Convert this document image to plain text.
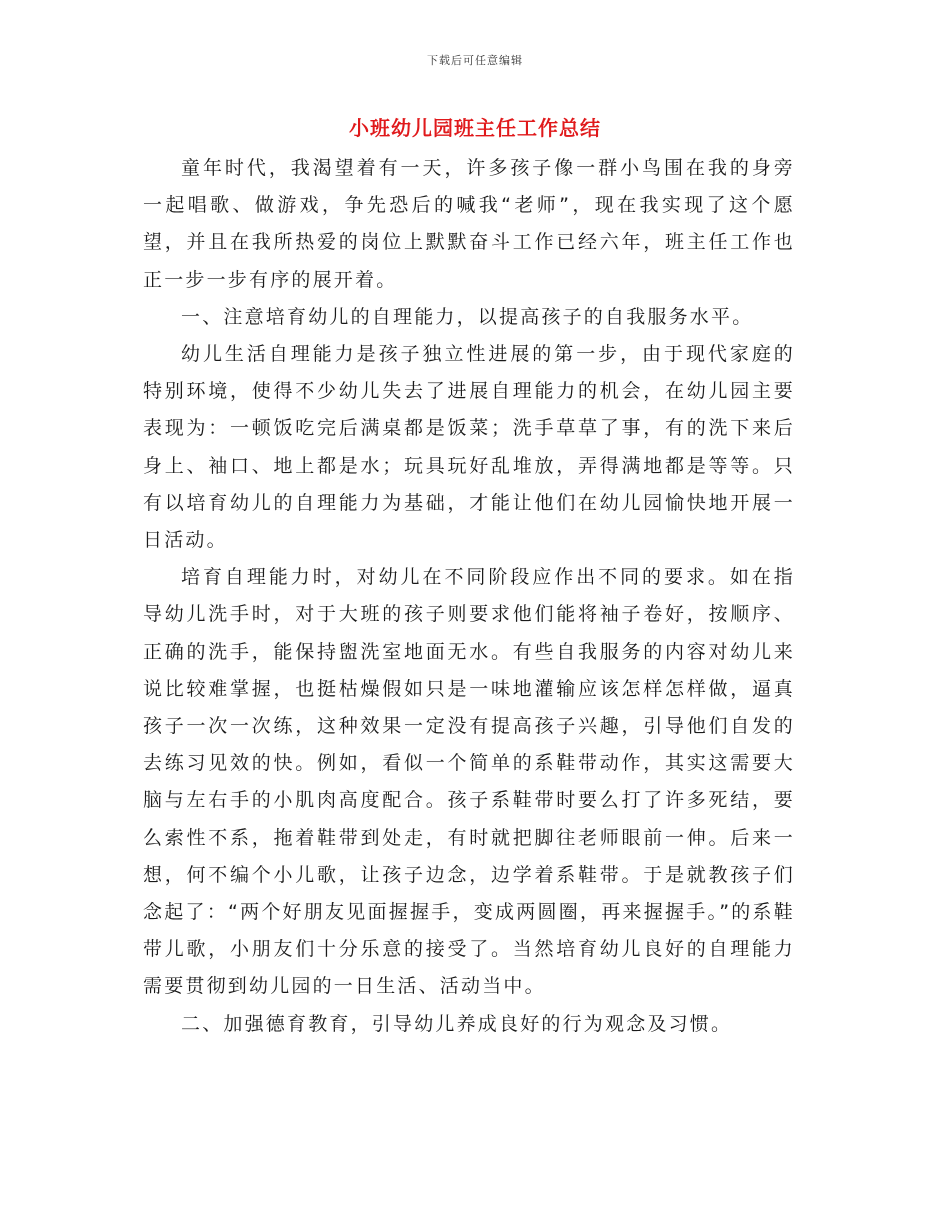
下载后可任意编辑
小班幼儿园班主任工作总结

童年时代，我渴望着有一天，许多孩子像一群小鸟围在我的身旁一起唱歌、做游戏，争先恐后的喊我“老师”，现在我实现了这个愿望，并且在我所热爱的岗位上默默奋斗工作已经六年，班主任工作也正一步一步有序的展开着。

一、注意培育幼儿的自理能力，以提高孩子的自我服务水平。

幼儿生活自理能力是孩子独立性进展的第一步，由于现代家庭的特别环境，使得不少幼儿失去了进展自理能力的机会，在幼儿园主要表现为：一顿饭吃完后满桌都是饭菜；洗手草草了事，有的洗下来后身上、袖口、地上都是水；玩具玩好乱堆放，弄得满地都是等等。只有以培育幼儿的自理能力为基础，才能让他们在幼儿园愉快地开展一日活动。

培育自理能力时，对幼儿在不同阶段应作出不同的要求。如在指导幼儿洗手时，对于大班的孩子则要求他们能将袖子卷好，按顺序、正确的洗手，能保持盥洗室地面无水。有些自我服务的内容对幼儿来说比较难掌握，也挺枯燥假如只是一味地灌输应该怎样怎样做，逼真孩子一次一次练，这种效果一定没有提高孩子兴趣，引导他们自发的去练习见效的快。例如，看似一个简单的系鞋带动作，其实这需要大脑与左右手的小肌肉高度配合。孩子系鞋带时要么打了许多死结，要么索性不系，拖着鞋带到处走，有时就把脚往老师眼前一伸。后来一想，何不编个小儿歌，让孩子边念，边学着系鞋带。于是就教孩子们念起了：“两个好朋友见面握握手，变成两圆圈，再来握握手。”的系鞋带儿歌，小朋友们十分乐意的接受了。当然培育幼儿良好的自理能力需要贯彻到幼儿园的一日生活、活动当中。

二、加强德育教育，引导幼儿养成良好的行为观念及习惯。
